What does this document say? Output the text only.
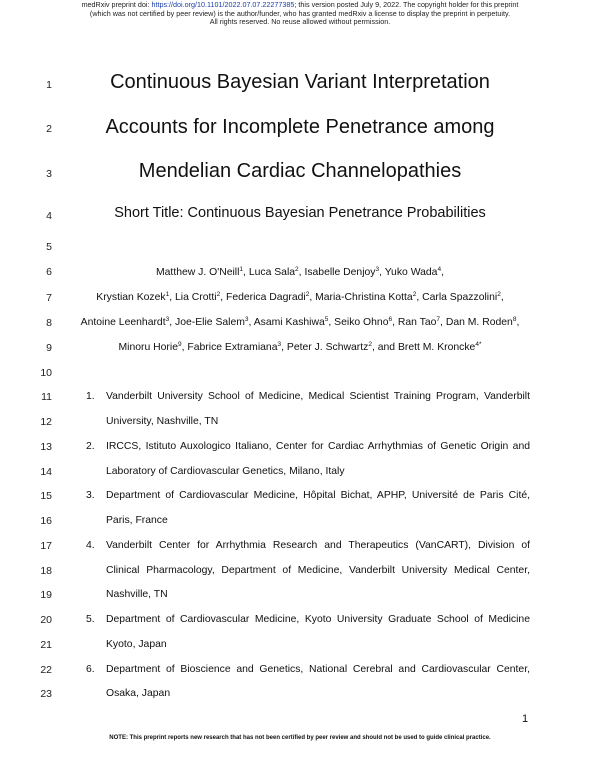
medRxiv preprint doi: https://doi.org/10.1101/2022.07.07.22277385; this version posted July 9, 2022. The copyright holder for this preprint
(which was not certified by peer review) is the author/funder, who has granted medRxiv a license to display the preprint in perpetuity.
All rights reserved. No reuse allowed without permission.
1
2
3
4
5
6
7
8
9
10
11
12
13
14
15
16
17
18
19
20
21
22
23
Continuous Bayesian Variant Interpretation
Accounts for Incomplete Penetrance among
Mendelian Cardiac Channelopathies
Short Title: Continuous Bayesian Penetrance Probabilities
Matthew J. O'Neill$^1$, Luca Sala$^2$, Isabelle Denjoy$^3$, Yuko Wada$^4$,
Krystian Kozek$^1$, Lia Crotti$^2$, Federica Dagradi$^2$, Maria-Christina Kotta$^2$, Carla Spazzolini$^2$,
Antoine Leenhardt$^3$, Joe-Elie Salem$^3$, Asami Kashiwa$^5$, Seiko Ohno$^6$, Ran Tao$^7$, Dan M. Roden$^8$,
Minoru Horie$^9$, Fabrice Extramiana$^3$, Peter J. Schwartz$^2$, and Brett M. Kroncke$^{4*}$
1. Vanderbilt University School of Medicine, Medical Scientist Training Program, Vanderbilt
University, Nashville, TN
2. IRCCS, Istituto Auxologico Italiano, Center for Cardiac Arrhythmias of Genetic Origin and
Laboratory of Cardiovascular Genetics, Milano, Italy
3. Department of Cardiovascular Medicine, Hôpital Bichat, APHP, Université de Paris Cité,
Paris, France
4. Vanderbilt Center for Arrhythmia Research and Therapeutics (VanCART), Division of
Clinical Pharmacology, Department of Medicine, Vanderbilt University Medical Center,
Nashville, TN
5. Department of Cardiovascular Medicine, Kyoto University Graduate School of Medicine
Kyoto, Japan
6. Department of Bioscience and Genetics, National Cerebral and Cardiovascular Center,
Osaka, Japan
1
NOTE: This preprint reports new research that has not been certified by peer review and should not be used to guide clinical practice.
